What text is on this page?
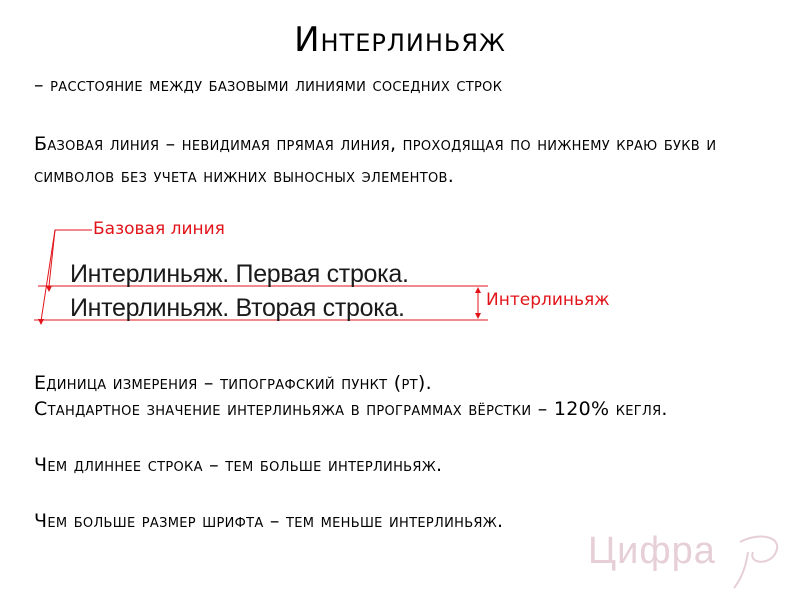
Интерлиньяж
– расстояние между базовыми линиями соседних строк
Базовая линия – невидимая прямая линия, проходящая по нижнему краю букв и символов без учета нижних выносных элементов.
Базовая линия
Интерлиньяж. Первая строка.
Интерлиньяж. Вторая строка.	Интерлиньяж
Единица измерения – типографский пункт (pt).
Стандартное значение интерлиньяжа в программах вёрстки – 120% кегля.
Чем длиннее строка – тем больше интерлиньяж.
Чем больше размер шрифта – тем меньше интерлиньяж.
Цифра
